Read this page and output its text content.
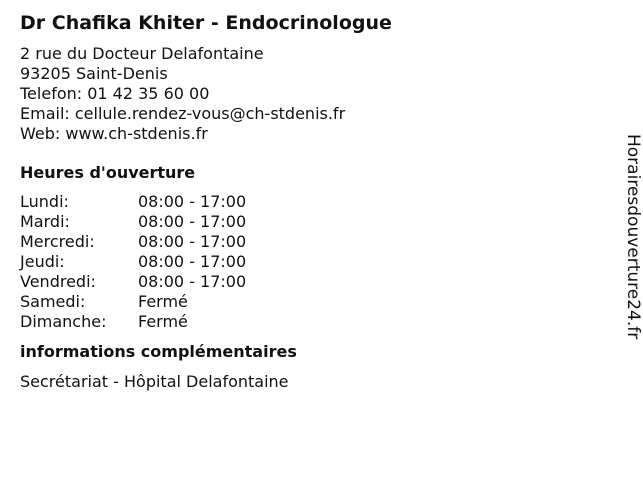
Dr Chafika Khiter - Endocrinologue
2 rue du Docteur Delafontaine
93205 Saint-Denis
Telefon: 01 42 35 60 00
Email: cellule.rendez-vous@ch-stdenis.fr
Web: www.ch-stdenis.fr
Heures d'ouverture
Lundi:	08:00 - 17:00
Mardi:	08:00 - 17:00
Mercredi:	08:00 - 17:00
Jeudi:	08:00 - 17:00
Vendredi:	08:00 - 17:00
Samedi:	Fermé
Dimanche:	Fermé
informations complémentaires
Secrétariat - Hôpital Delafontaine
Horairesdouverture24.fr
